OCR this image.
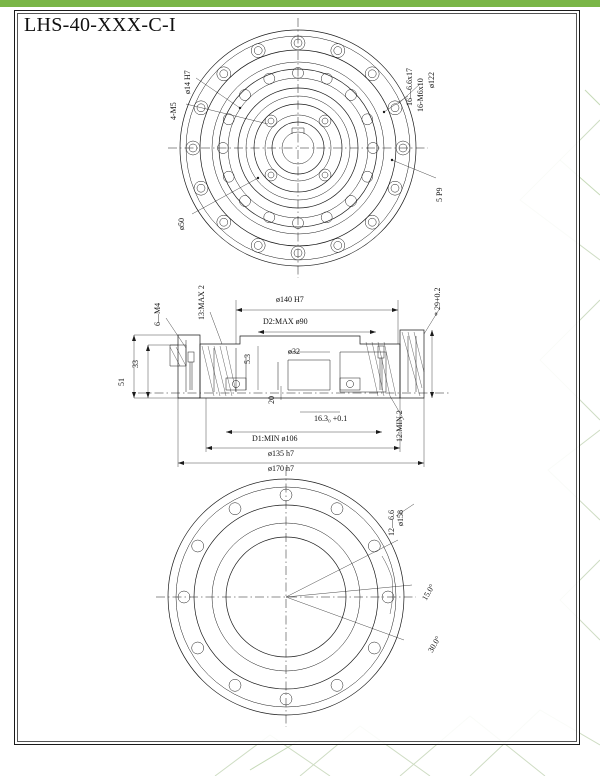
LHS-40-XXX-C-I
ø14 H7
4-M5
16—6.6x17 16-M6x10 ø122
5 P9
ø50
6—M4	13:MAX 2	ø140 H7
D2:MAX ø90
* 29+0.2
33
51
5.3
ø32
20
16.3₀ +0.1	12:MIN 2
D1:MIN ø106
ø135 h7
ø170 h7
12—6.6 ø158
15.0°
30.0°
